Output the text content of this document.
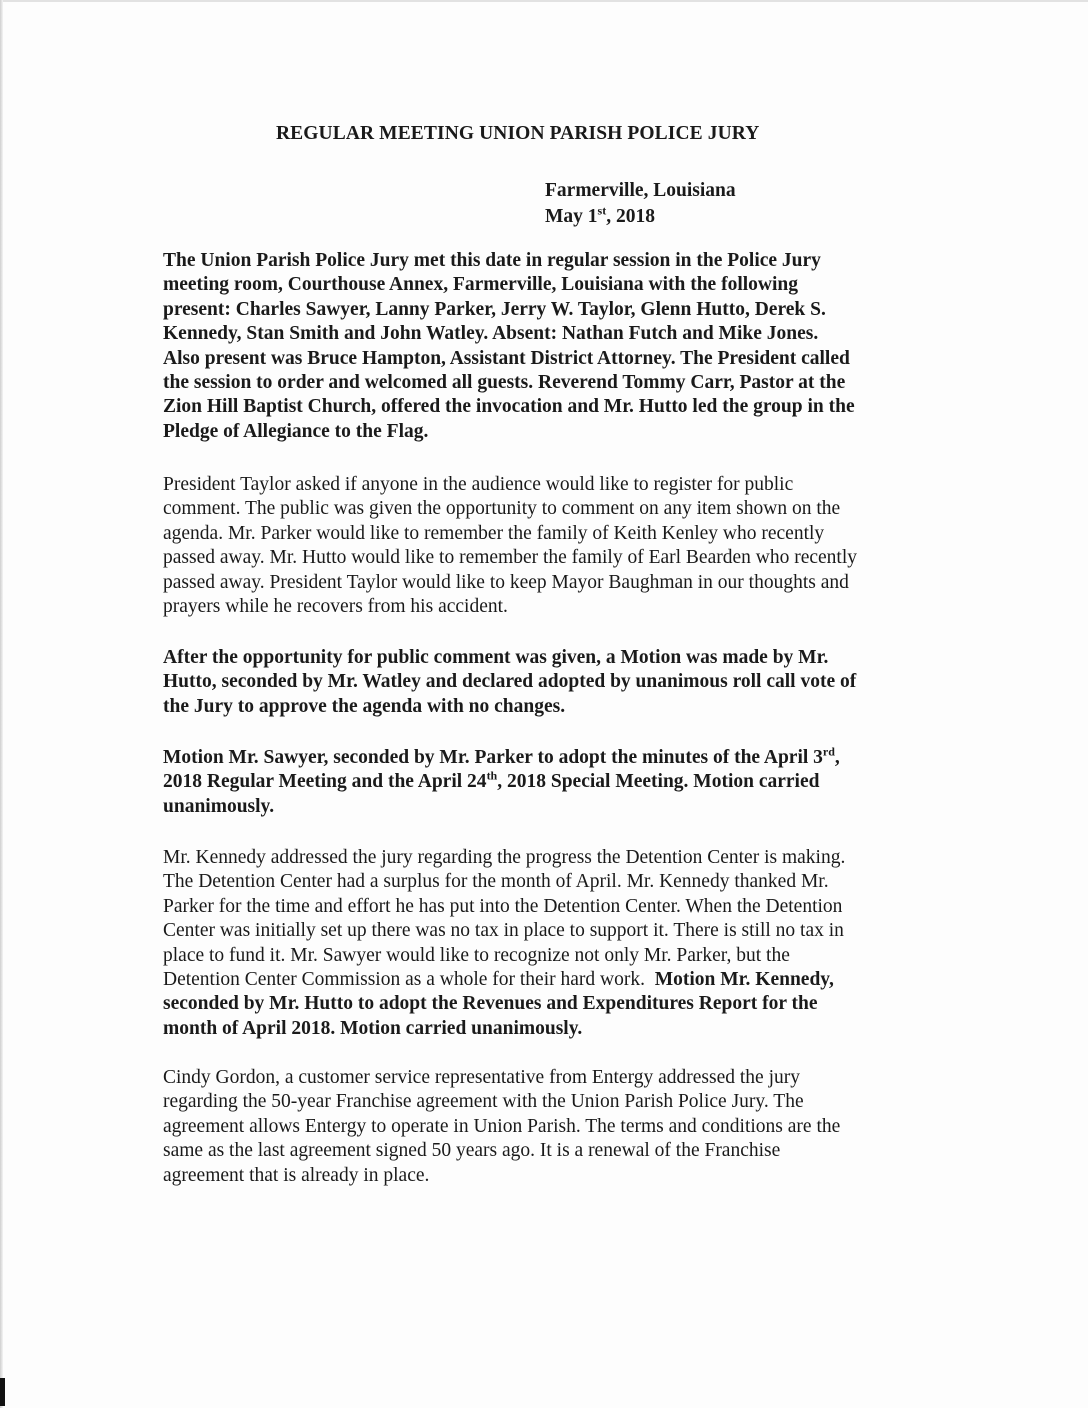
REGULAR MEETING UNION PARISH POLICE JURY
Farmerville, Louisiana
May 1st, 2018
The Union Parish Police Jury met this date in regular session in the Police Jury
meeting room, Courthouse Annex, Farmerville, Louisiana with the following
present: Charles Sawyer, Lanny Parker, Jerry W. Taylor, Glenn Hutto, Derek S.
Kennedy, Stan Smith and John Watley. Absent: Nathan Futch and Mike Jones.
Also present was Bruce Hampton, Assistant District Attorney. The President called
the session to order and welcomed all guests. Reverend Tommy Carr, Pastor at the
Zion Hill Baptist Church, offered the invocation and Mr. Hutto led the group in the
Pledge of Allegiance to the Flag.
President Taylor asked if anyone in the audience would like to register for public
comment. The public was given the opportunity to comment on any item shown on the
agenda. Mr. Parker would like to remember the family of Keith Kenley who recently
passed away. Mr. Hutto would like to remember the family of Earl Bearden who recently
passed away. President Taylor would like to keep Mayor Baughman in our thoughts and
prayers while he recovers from his accident.
After the opportunity for public comment was given, a Motion was made by Mr.
Hutto, seconded by Mr. Watley and declared adopted by unanimous roll call vote of
the Jury to approve the agenda with no changes.
Motion Mr. Sawyer, seconded by Mr. Parker to adopt the minutes of the April 3rd,
2018 Regular Meeting and the April 24th, 2018 Special Meeting. Motion carried
unanimously.
Mr. Kennedy addressed the jury regarding the progress the Detention Center is making.
The Detention Center had a surplus for the month of April. Mr. Kennedy thanked Mr.
Parker for the time and effort he has put into the Detention Center. When the Detention
Center was initially set up there was no tax in place to support it. There is still no tax in
place to fund it. Mr. Sawyer would like to recognize not only Mr. Parker, but the
Detention Center Commission as a whole for their hard work.  Motion Mr. Kennedy,
seconded by Mr. Hutto to adopt the Revenues and Expenditures Report for the
month of April 2018. Motion carried unanimously.
Cindy Gordon, a customer service representative from Entergy addressed the jury
regarding the 50-year Franchise agreement with the Union Parish Police Jury. The
agreement allows Entergy to operate in Union Parish. The terms and conditions are the
same as the last agreement signed 50 years ago. It is a renewal of the Franchise
agreement that is already in place.
